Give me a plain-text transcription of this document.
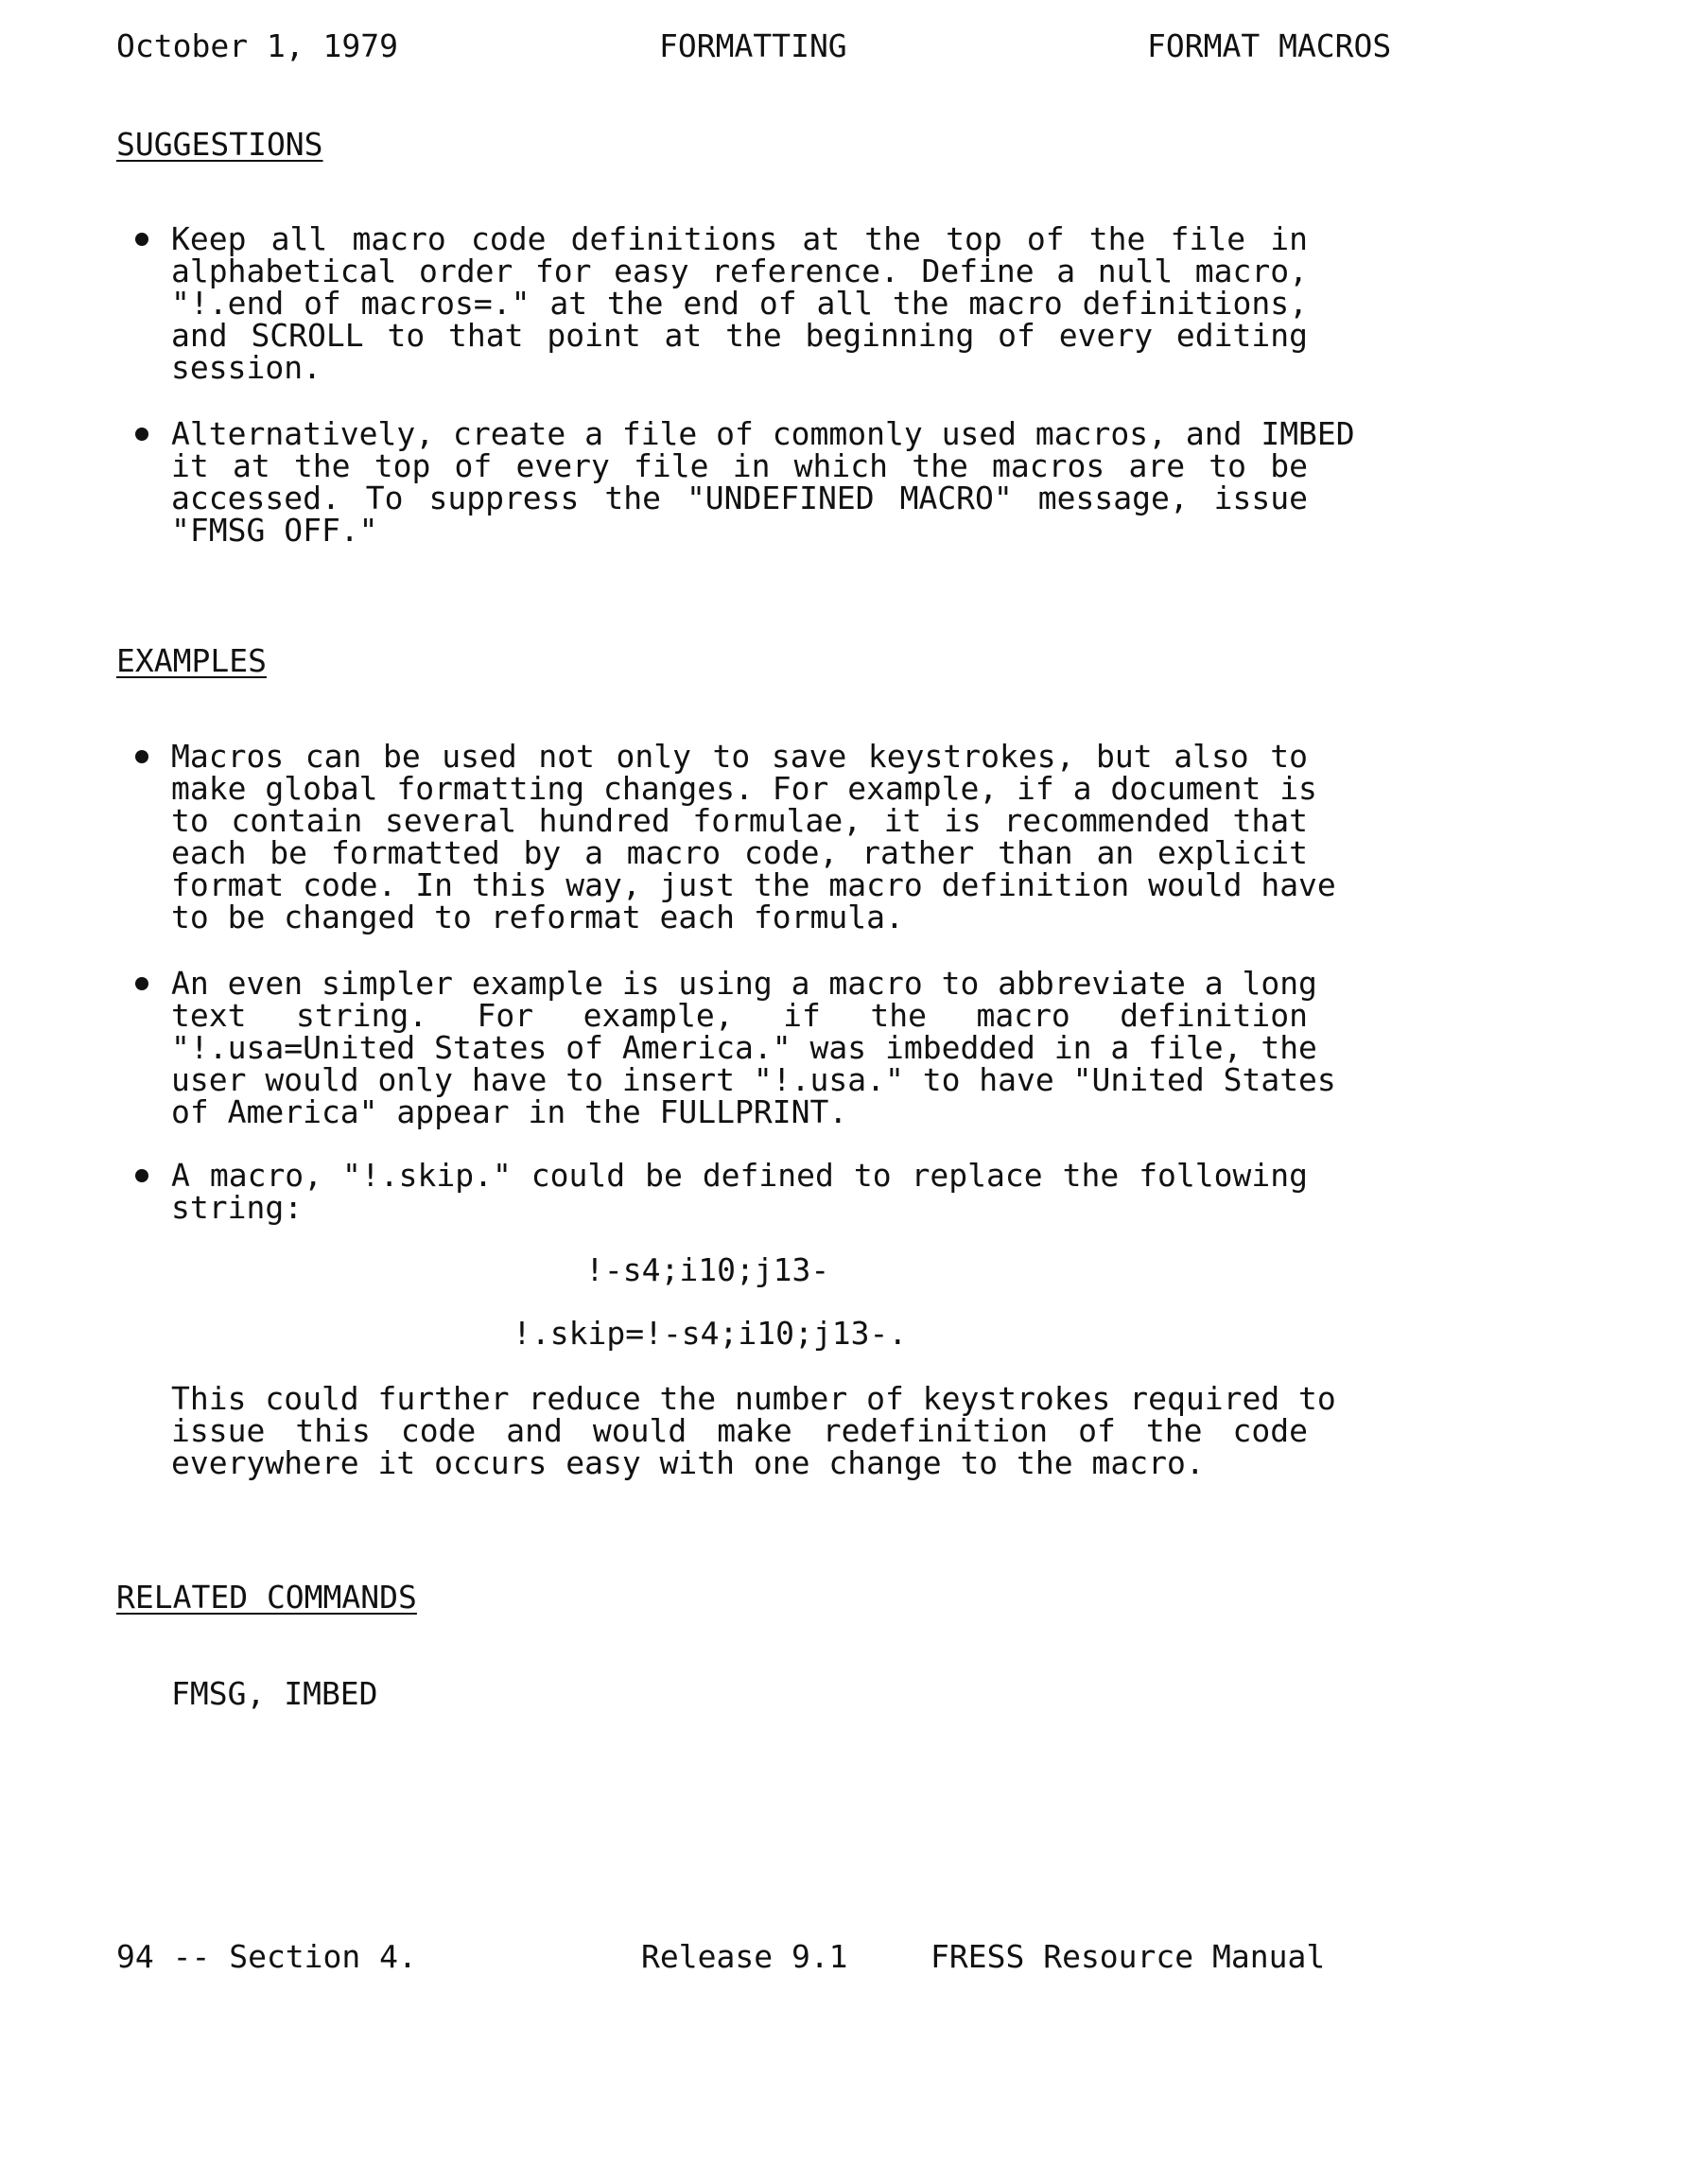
October 1, 1979	FORMATTING	FORMAT MACROS
SUGGESTIONS
Keep all macro code definitions at the top of the file in
alphabetical order for easy reference. Define a null macro,
"!.end of macros=." at the end of all the macro definitions,
and SCROLL to that point at the beginning of every editing
session.
Alternatively, create a file of commonly used macros, and IMBED
it at the top of every file in which the macros are to be
accessed. To suppress the "UNDEFINED MACRO" message, issue
"FMSG OFF."
EXAMPLES
Macros can be used not only to save keystrokes, but also to
make global formatting changes. For example, if a document is
to contain several hundred formulae, it is recommended that
each be formatted by a macro code, rather than an explicit
format code. In this way, just the macro definition would have
to be changed to reformat each formula.
An even simpler example is using a macro to abbreviate a long
text string. For example, if the macro definition
"!.usa=United States of America." was imbedded in a file, the
user would only have to insert "!.usa." to have "United States
of America" appear in the FULLPRINT.
A macro, "!.skip." could be defined to replace the following
string:
!-s4;i10;j13-
!.skip=!-s4;i10;j13-.
This could further reduce the number of keystrokes required to
issue this code and would make redefinition of the code
everywhere it occurs easy with one change to the macro.
RELATED COMMANDS
FMSG, IMBED
94 -- Section 4.	Release 9.1	FRESS Resource Manual
